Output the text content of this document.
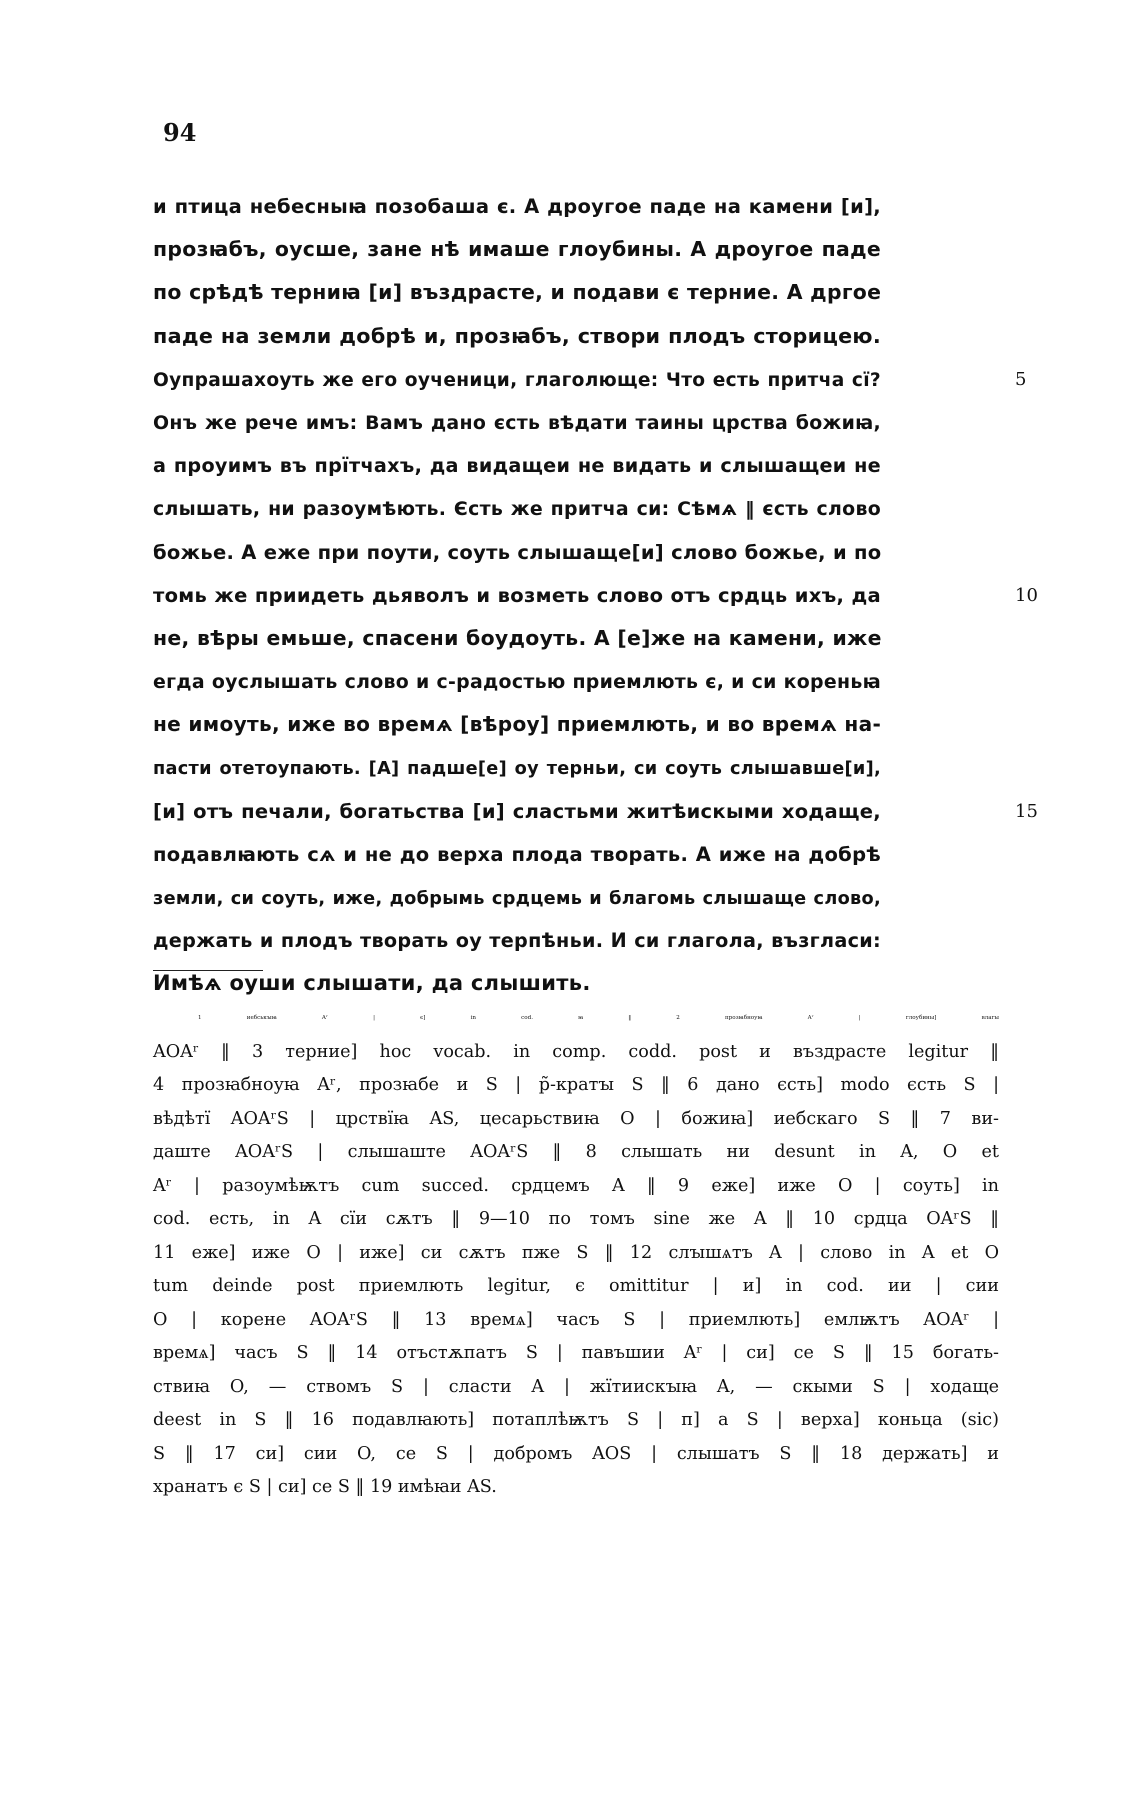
94
и птица небесныꙗ позобаша є. А дроугое паде на камени [и],
прозꙗбъ, оусше, зане нѣ имаше глоубины. А дроугое паде
по срѣдѣ терниꙗ [и] въздрасте, и подави є терние. А дргое
паде на земли добрѣ и, прозꙗбъ, створи плодъ сторицею.
Оупрашахоуть же его оученици, глаголюще: Что есть притча сї?	5
Онъ же рече имъ: Вамъ дано єсть вѣдати таины црства божиꙗ,
а проуимъ въ прїтчахъ, да видащеи не видать и слышащеи не
слышать, ни разоумѣють. Єсть же притча си: Сѣмѧ ‖ єсть слово
божье. А еже при поути, соуть слышаще[и] слово божье, и по
томь же приидеть дьяволъ и возметь слово отъ срдць ихъ, да	10
не, вѣры емьше, спасени боудоуть. А [е]же на камени, иже
егда оуслышать слово и с-радостью приемлють є, и си кореньꙗ
не имоуть, иже во времѧ [вѣроу] приемлють, и во времѧ на-
пасти отетоупають. [А] падше[е] оу терньи, си соуть слышавше[и],
[и] отъ печали, богатьства [и] сластьми житѣискыми ходаще,	15
подавлꙗють сѧ и не до верха плода творать. А иже на добрѣ
земли, си соуть, иже, добрымь срдцемь и благомь слышаще слово,
держать и плодъ творать оу терпѣньи. И си глагола, възгласи:
Имѣѧ оуши слышати, да слышить.
1 иебськꙑꙗ Aʳ | є] in cod. ꙗ ‖ 2 прозꙗбноуꙗ Aʳ | глоубины] влагы
AOAʳ ‖ 3 терние] hoc vocab. in comp. codd. post и въздрасте legitur ‖
4 прозꙗбноуꙗ Aʳ, прозꙗбе и S | р̃-кратꙑ S ‖ 6 дано єсть] modo єсть S |
вѣдѣтї AOAʳS | црствїꙗ AS, цесарьствиꙗ O | божиꙗ] иебскаго S ‖ 7 ви-
даште AOAʳS | слышаште AOAʳS ‖ 8 слышать ни desunt in A, O et
Aʳ | разоумѣѭтъ cum succed. срдцемъ A ‖ 9 еже] иже O | соуть] in
cod. есть, in A сїи сѫтъ ‖ 9—10 по томъ sine же A ‖ 10 срдца OAʳS ‖
11 еже] иже O | иже] си сѫтъ пже S ‖ 12 слꙑшѧтъ A | слово in A et O
tum deinde post приемлють legitur, є omittitur | и] in cod. ии | сии
O | корене AOAʳS ‖ 13 времѧ] часъ S | приемлють] емлѭтъ AOAʳ |
времѧ] часъ S ‖ 14 отъстѫпатъ S | павъшии Aʳ | си] се S ‖ 15 богать-
ствиꙗ O, — ствомъ S | сласти A | жїтиискꙑꙗ A, — скыми S | ходаще
deest in S ‖ 16 подавлꙗють] потаплѣѭтъ S | п] а S | верха] коньца (sic)
S ‖ 17 си] сии O, се S | добромъ AOS | слышатъ S ‖ 18 держать] и
хранатъ є S | си] се S ‖ 19 имѣꙗи AS.
